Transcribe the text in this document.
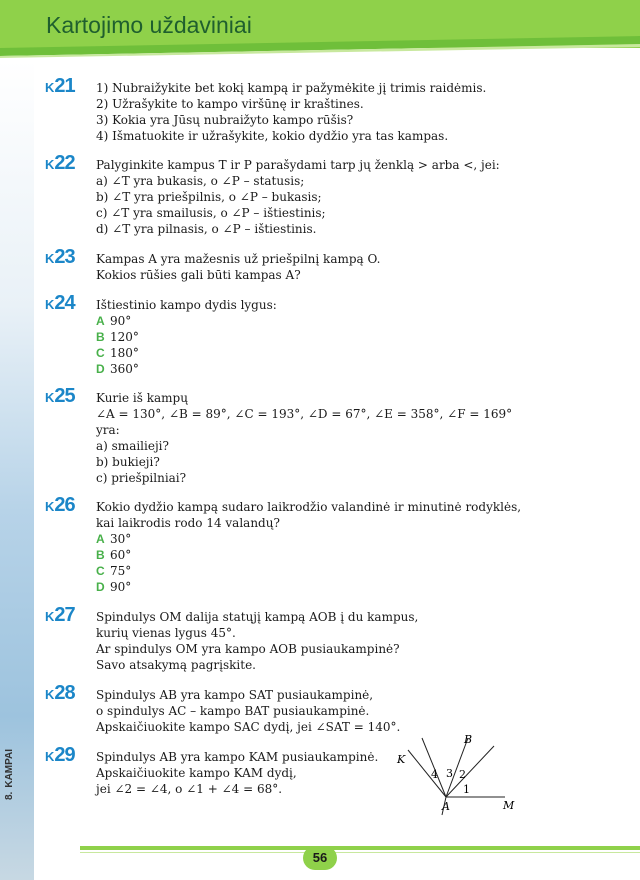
Kartojimo uždaviniai
8.KAMPAI
K21	1) Nubraižykite bet kokį kampą ir pažymėkite jį trimis raidėmis.
2) Užrašykite to kampo viršūnę ir kraštines.
3) Kokia yra Jūsų nubraižyto kampo rūšis?
4) Išmatuokite ir užrašykite, kokio dydžio yra tas kampas.
K22	Palyginkite kampus T ir P parašydami tarp jų ženklą > arba <, jei:
a) ∠T yra bukasis, o ∠P – statusis;
b) ∠T yra priešpilnis, o ∠P – bukasis;
c) ∠T yra smailusis, o ∠P – ištiestinis;
d) ∠T yra pilnasis, o ∠P – ištiestinis.
K23	Kampas A yra mažesnis už priešpilnį kampą O.
Kokios rūšies gali būti kampas A?
K24	Ištiestinio kampo dydis lygus:
A 90°
B 120°
C 180°
D 360°
K25	Kurie iš kampų
∠A = 130°, ∠B = 89°, ∠C = 193°, ∠D = 67°, ∠E = 358°, ∠F = 169°
yra:
a) smailieji?
b) bukieji?
c) priešpilniai?
K26	Kokio dydžio kampą sudaro laikrodžio valandinė ir minutinė rodyklės,
kai laikrodis rodo 14 valandų?
A 30°
B 60°
C 75°
D 90°
K27	Spindulys OM dalija statųjį kampą AOB į du kampus,
kurių vienas lygus 45°.
Ar spindulys OM yra kampo AOB pusiaukampinė?
Savo atsakymą pagrįskite.
K28	Spindulys AB yra kampo SAT pusiaukampinė,
o spindulys AC – kampo BAT pusiaukampinė.
Apskaičiuokite kampo SAC dydį, jei ∠SAT = 140°.
K29	Spindulys AB yra kampo KAM pusiaukampinė.
Apskaičiuokite kampo KAM dydį,
jei ∠2 = ∠4, o ∠1 + ∠4 = 68°.
K
B
A	M
1
2
3
4
56
